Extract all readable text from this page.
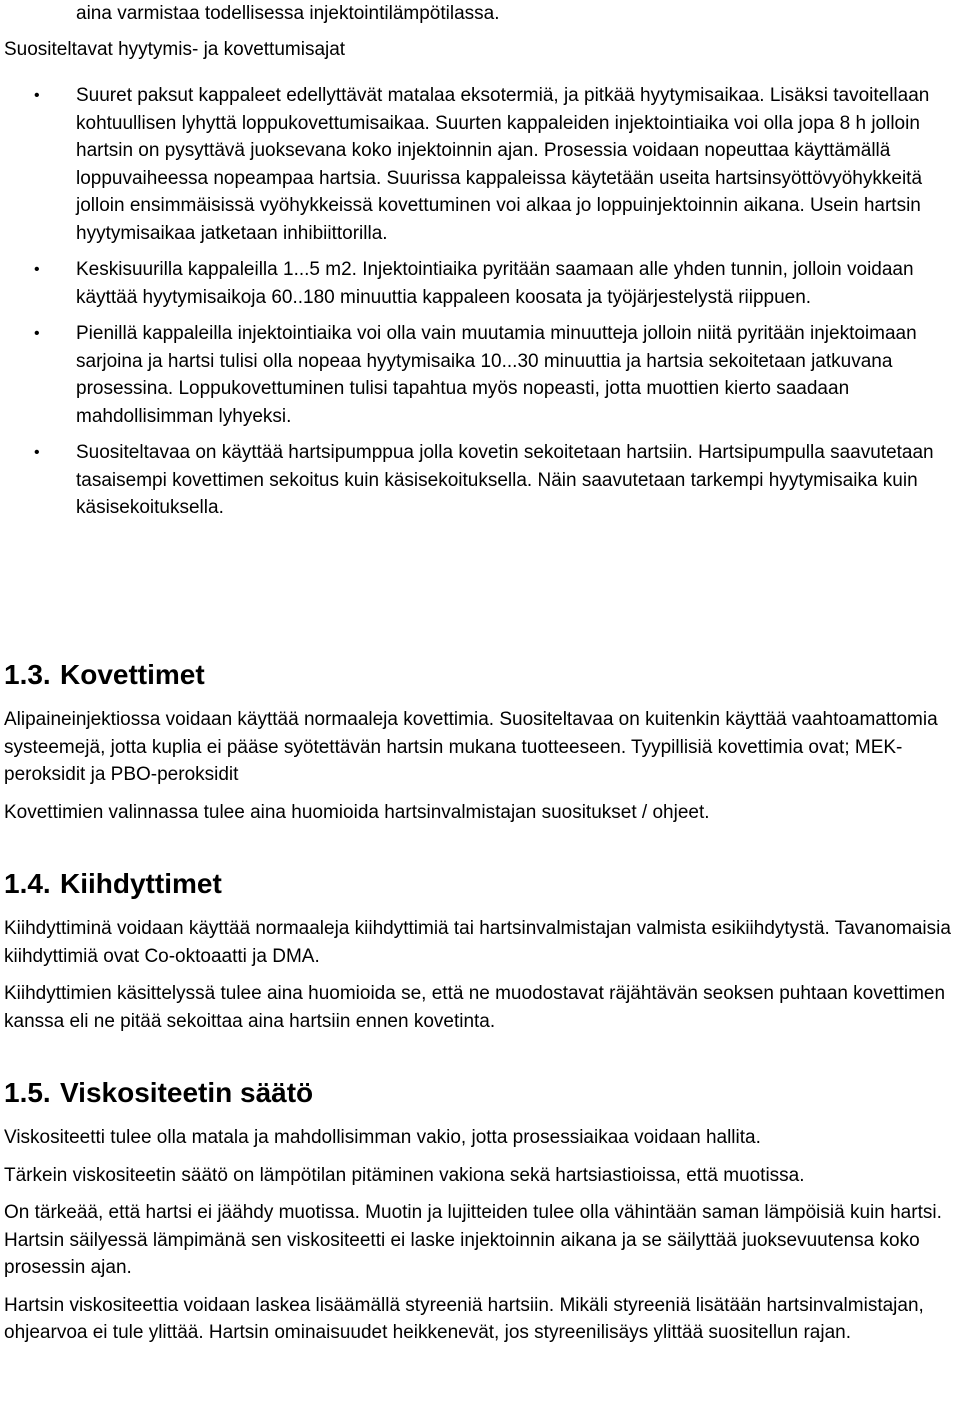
aina varmistaa todellisessa injektointilämpötilassa.

Suositeltavat hyytymis- ja kovettumisajat

• Suuret paksut kappaleet edellyttävät matalaa eksotermiä, ja pitkää hyytymisaikaa. Lisäksi tavoitellaan kohtuullisen lyhyttä loppukovettumisaikaa. Suurten kappaleiden injektointiaika voi olla jopa 8 h jolloin hartsin on pysyttävä juoksevana koko injektoinnin ajan. Prosessia voidaan nopeuttaa käyttämällä loppuvaiheessa nopeampaa hartsia. Suurissa kappaleissa käytetään useita hartsinsyöttövyöhykkeitä jolloin ensimmäisissä vyöhykkeissä kovettuminen voi alkaa jo loppuinjektoinnin aikana. Usein hartsin hyytymisaikaa jatketaan inhibiittorilla.
• Keskisuurilla kappaleilla 1...5 m2. Injektointiaika pyritään saamaan alle yhden tunnin, jolloin voidaan käyttää hyytymisaikoja 60..180 minuuttia kappaleen koosata ja työjärjestelystä riippuen.
• Pienillä kappaleilla injektointiaika voi olla vain muutamia minuutteja jolloin niitä pyritään injektoimaan sarjoina ja hartsi tulisi olla nopeaa hyytymisaika 10...30 minuuttia ja hartsia sekoitetaan jatkuvana prosessina. Loppukovettuminen tulisi tapahtua myös nopeasti, jotta muottien kierto saadaan mahdollisimman lyhyeksi.
• Suositeltavaa on käyttää hartsipumppua jolla kovetin sekoitetaan hartsiin. Hartsipumpulla saavutetaan tasaisempi kovettimen sekoitus kuin käsisekoituksella. Näin saavutetaan tarkempi hyytymisaika kuin käsisekoituksella.
1.3. Kovettimet

Alipaineinjektiossa voidaan käyttää normaaleja kovettimia. Suositeltavaa on kuitenkin käyttää vaahtoamattomia systeemejä, jotta kuplia ei pääse syötettävän hartsin mukana tuotteeseen. Tyypillisiä kovettimia ovat; MEK- peroksidit ja PBO-peroksidit

Kovettimien valinnassa tulee aina huomioida hartsinvalmistajan suositukset / ohjeet.

1.4. Kiihdyttimet

Kiihdyttiminä voidaan käyttää normaaleja kiihdyttimiä tai hartsinvalmistajan valmista esikiihdytystä. Tavanomaisia kiihdyttimiä ovat Co-oktoaatti ja DMA.

Kiihdyttimien käsittelyssä tulee aina huomioida se, että ne muodostavat räjähtävän seoksen puhtaan kovettimen kanssa eli ne pitää sekoittaa aina hartsiin ennen kovetinta.

1.5. Viskositeetin säätö

Viskositeetti tulee olla matala ja mahdollisimman vakio, jotta prosessiaikaa voidaan hallita.

Tärkein viskositeetin säätö on lämpötilan pitäminen vakiona sekä hartsiastioissa, että muotissa.

On tärkeää, että hartsi ei jäähdy muotissa. Muotin ja lujitteiden tulee olla vähintään saman lämpöisiä kuin hartsi. Hartsin säilyessä lämpimänä sen viskositeetti ei laske injektoinnin aikana ja se säilyttää juoksevuutensa koko prosessin ajan.

Hartsin viskositeettia voidaan laskea lisäämällä styreeniä hartsiin. Mikäli styreeniä lisätään hartsinvalmistajan, ohjearvoa ei tule ylittää. Hartsin ominaisuudet heikkenevät, jos styreenilisäys ylittää suositellun rajan.
